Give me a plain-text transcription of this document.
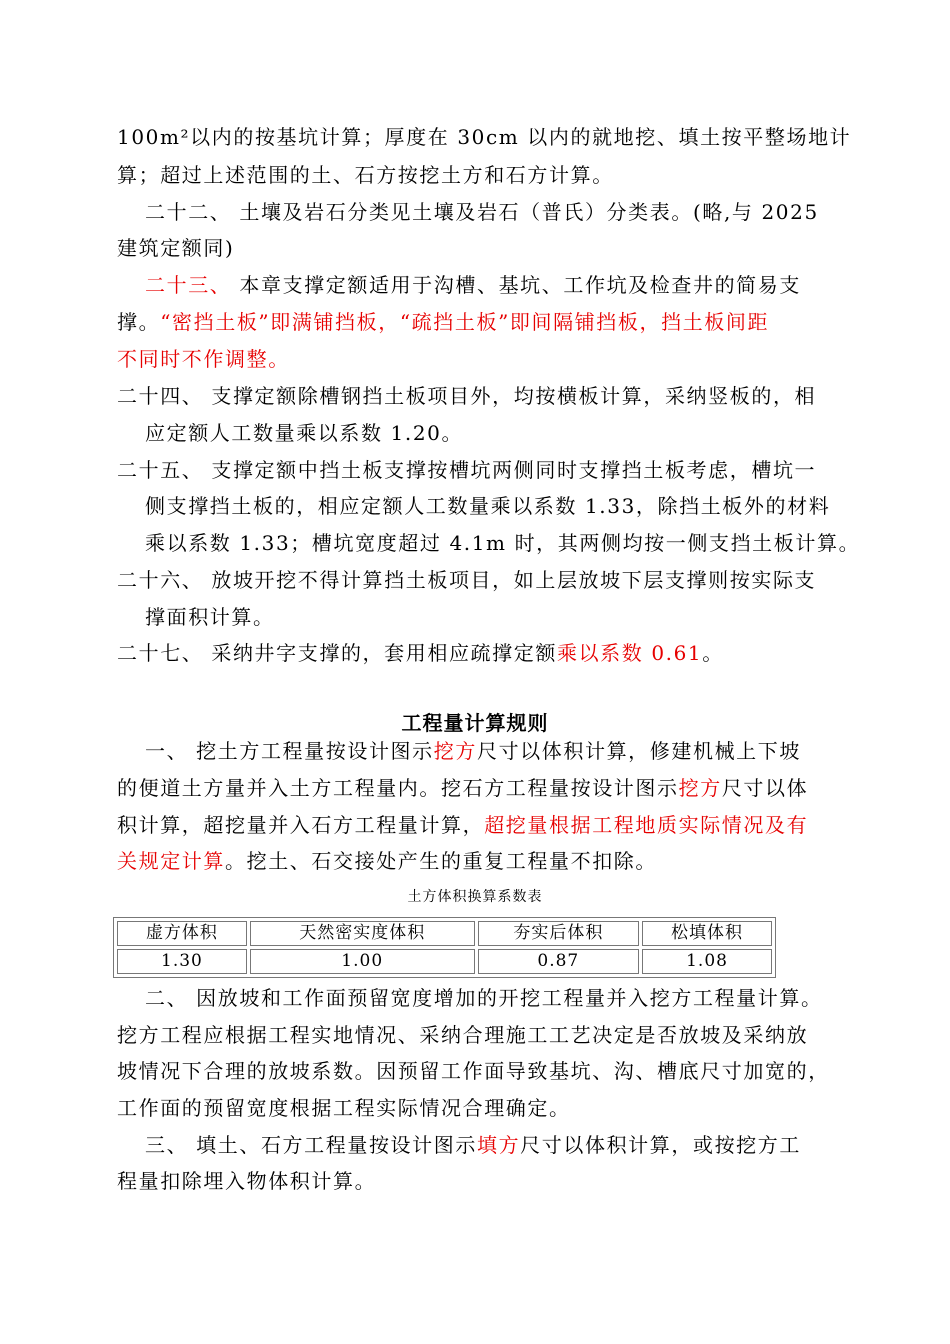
100m²以内的按基坑计算；厚度在 30cm 以内的就地挖、填土按平整场地计
算；超过上述范围的土、石方按挖土方和石方计算。
二十二、 土壤及岩石分类见土壤及岩石（普氏）分类表。(略,与 2025
建筑定额同)
二十三、 本章支撑定额适用于沟槽、基坑、工作坑及检查井的简易支
撑。“密挡土板”即满铺挡板，“疏挡土板”即间隔铺挡板，挡土板间距
不同时不作调整。
二十四、 支撑定额除槽钢挡土板项目外，均按横板计算，采纳竖板的，相
应定额人工数量乘以系数 1.20。
二十五、 支撑定额中挡土板支撑按槽坑两侧同时支撑挡土板考虑，槽坑一
侧支撑挡土板的，相应定额人工数量乘以系数 1.33，除挡土板外的材料
乘以系数 1.33；槽坑宽度超过 4.1m 时，其两侧均按一侧支挡土板计算。
二十六、 放坡开挖不得计算挡土板项目，如上层放坡下层支撑则按实际支
撑面积计算。
二十七、 采纳井字支撑的，套用相应疏撑定额乘以系数 0.61。
工程量计算规则
一、 挖土方工程量按设计图示挖方尺寸以体积计算，修建机械上下坡
的便道土方量并入土方工程量内。挖石方工程量按设计图示挖方尺寸以体
积计算，超挖量并入石方工程量计算，超挖量根据工程地质实际情况及有
关规定计算。挖土、石交接处产生的重复工程量不扣除。
土方体积换算系数表
虚方体积	天然密实度体积	夯实后体积	松填体积
1.30	1.00	0.87	1.08
二、 因放坡和工作面预留宽度增加的开挖工程量并入挖方工程量计算。
挖方工程应根据工程实地情况、采纳合理施工工艺决定是否放坡及采纳放
坡情况下合理的放坡系数。因预留工作面导致基坑、沟、槽底尺寸加宽的，
工作面的预留宽度根据工程实际情况合理确定。
三、 填土、石方工程量按设计图示填方尺寸以体积计算，或按挖方工
程量扣除埋入物体积计算。
